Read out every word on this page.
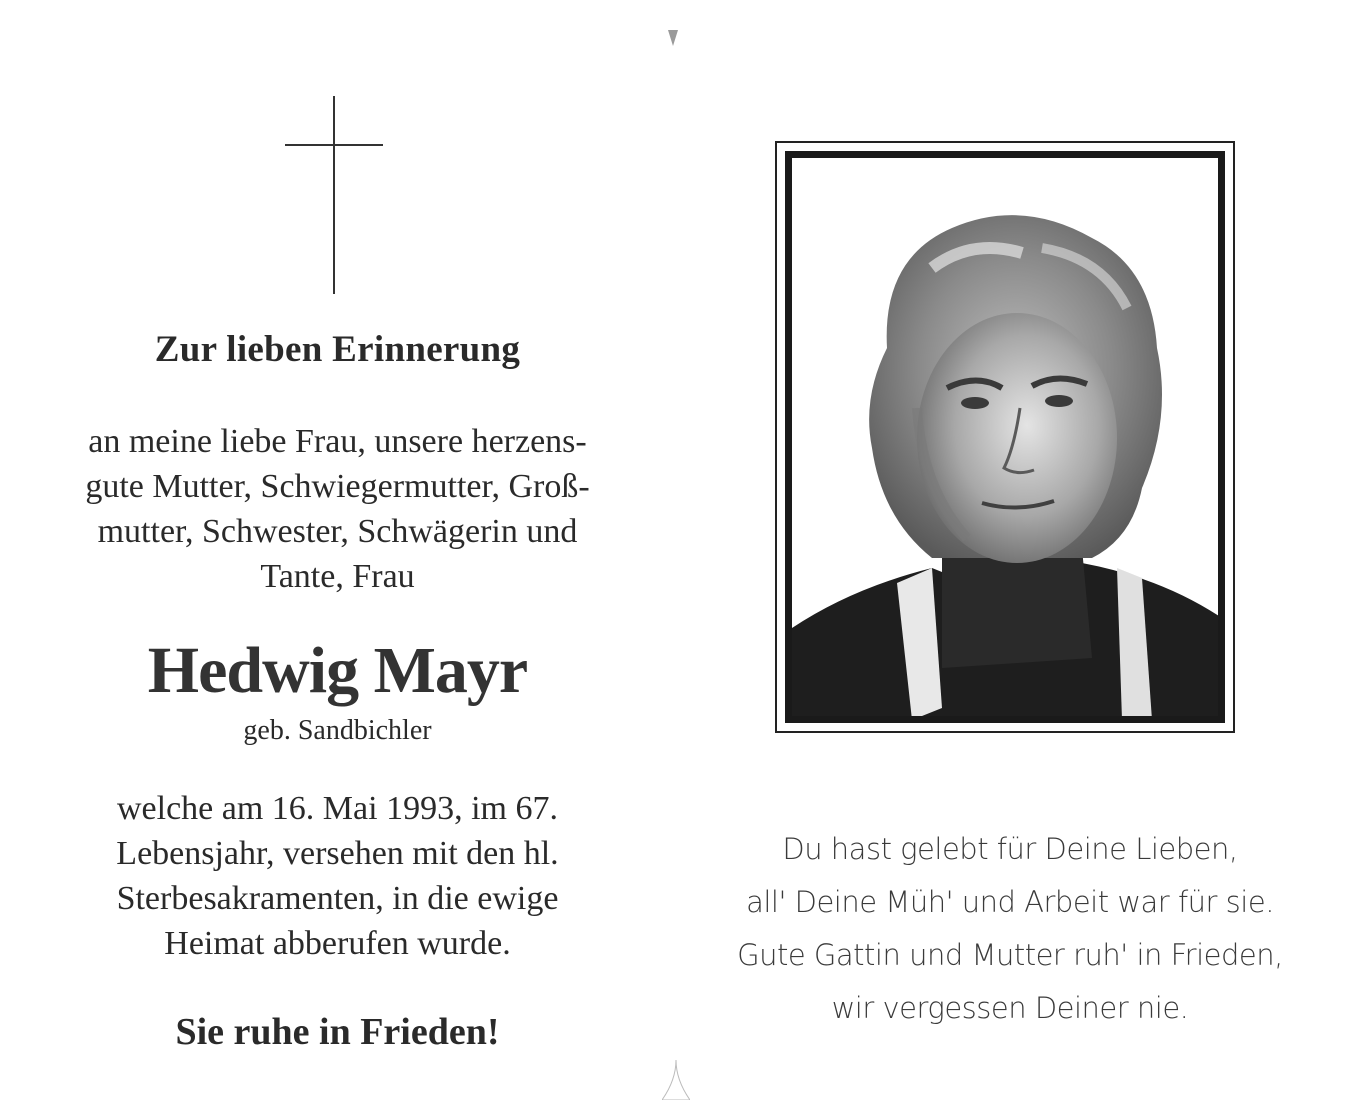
Zur lieben Erinnerung
an meine liebe Frau, unsere herzens-
gute Mutter, Schwiegermutter, Groß-
mutter, Schwester, Schwägerin und
Tante, Frau
Hedwig Mayr
geb. Sandbichler
welche am 16. Mai 1993, im 67.
Lebensjahr, versehen mit den hl.
Sterbesakramenten, in die ewige
Heimat abberufen wurde.
Sie ruhe in Frieden!
Du hast gelebt für Deine Lieben,
all' Deine Müh' und Arbeit war für sie.
Gute Gattin und Mutter ruh' in Frieden,
wir vergessen Deiner nie.
